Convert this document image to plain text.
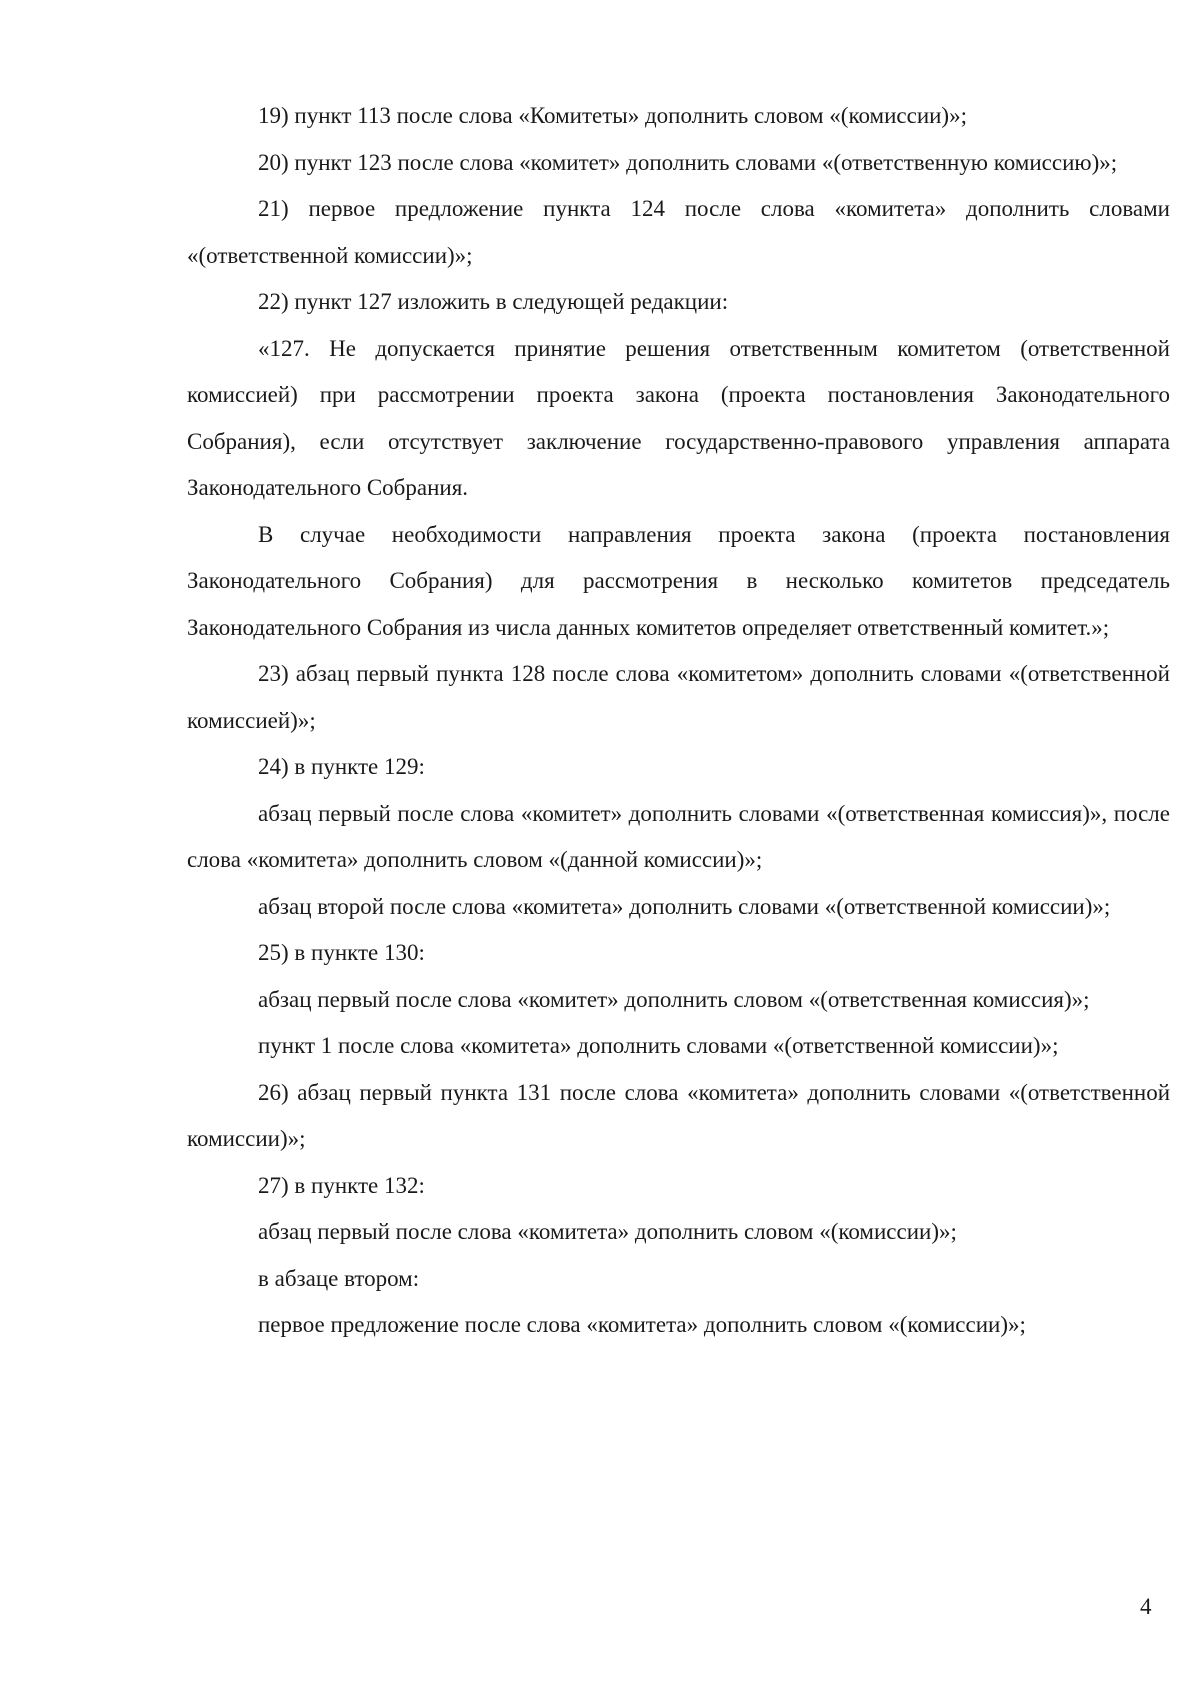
19) пункт 113 после слова «Комитеты» дополнить словом «(комиссии)»;

20) пункт 123 после слова «комитет» дополнить словами «(ответственную комиссию)»;

21) первое предложение пункта 124 после слова «комитета» дополнить словами «(ответственной комиссии)»;

22) пункт 127 изложить в следующей редакции:

«127. Не допускается принятие решения ответственным комитетом (ответственной комиссией) при рассмотрении проекта закона (проекта постановления Законодательного Собрания), если отсутствует заключение государственно-правового управления аппарата Законодательного Собрания.

В случае необходимости направления проекта закона (проекта постановления Законодательного Собрания) для рассмотрения в несколько комитетов председатель Законодательного Собрания из числа данных комитетов определяет ответственный комитет.»;

23) абзац первый пункта 128 после слова «комитетом» дополнить словами «(ответственной комиссией)»;

24) в пункте 129:

абзац первый после слова «комитет» дополнить словами «(ответственная комиссия)», после слова «комитета» дополнить словом «(данной комиссии)»;

абзац второй после слова «комитета» дополнить словами «(ответственной комиссии)»;

25) в пункте 130:

абзац первый после слова «комитет» дополнить словом «(ответственная комиссия)»;

пункт 1 после слова «комитета» дополнить словами «(ответственной комиссии)»;

26) абзац первый пункта 131 после слова «комитета» дополнить словами «(ответственной комиссии)»;

27) в пункте 132:

абзац первый после слова «комитета» дополнить словом «(комиссии)»;

в абзаце втором:

первое предложение после слова «комитета» дополнить словом «(комиссии)»;

4
